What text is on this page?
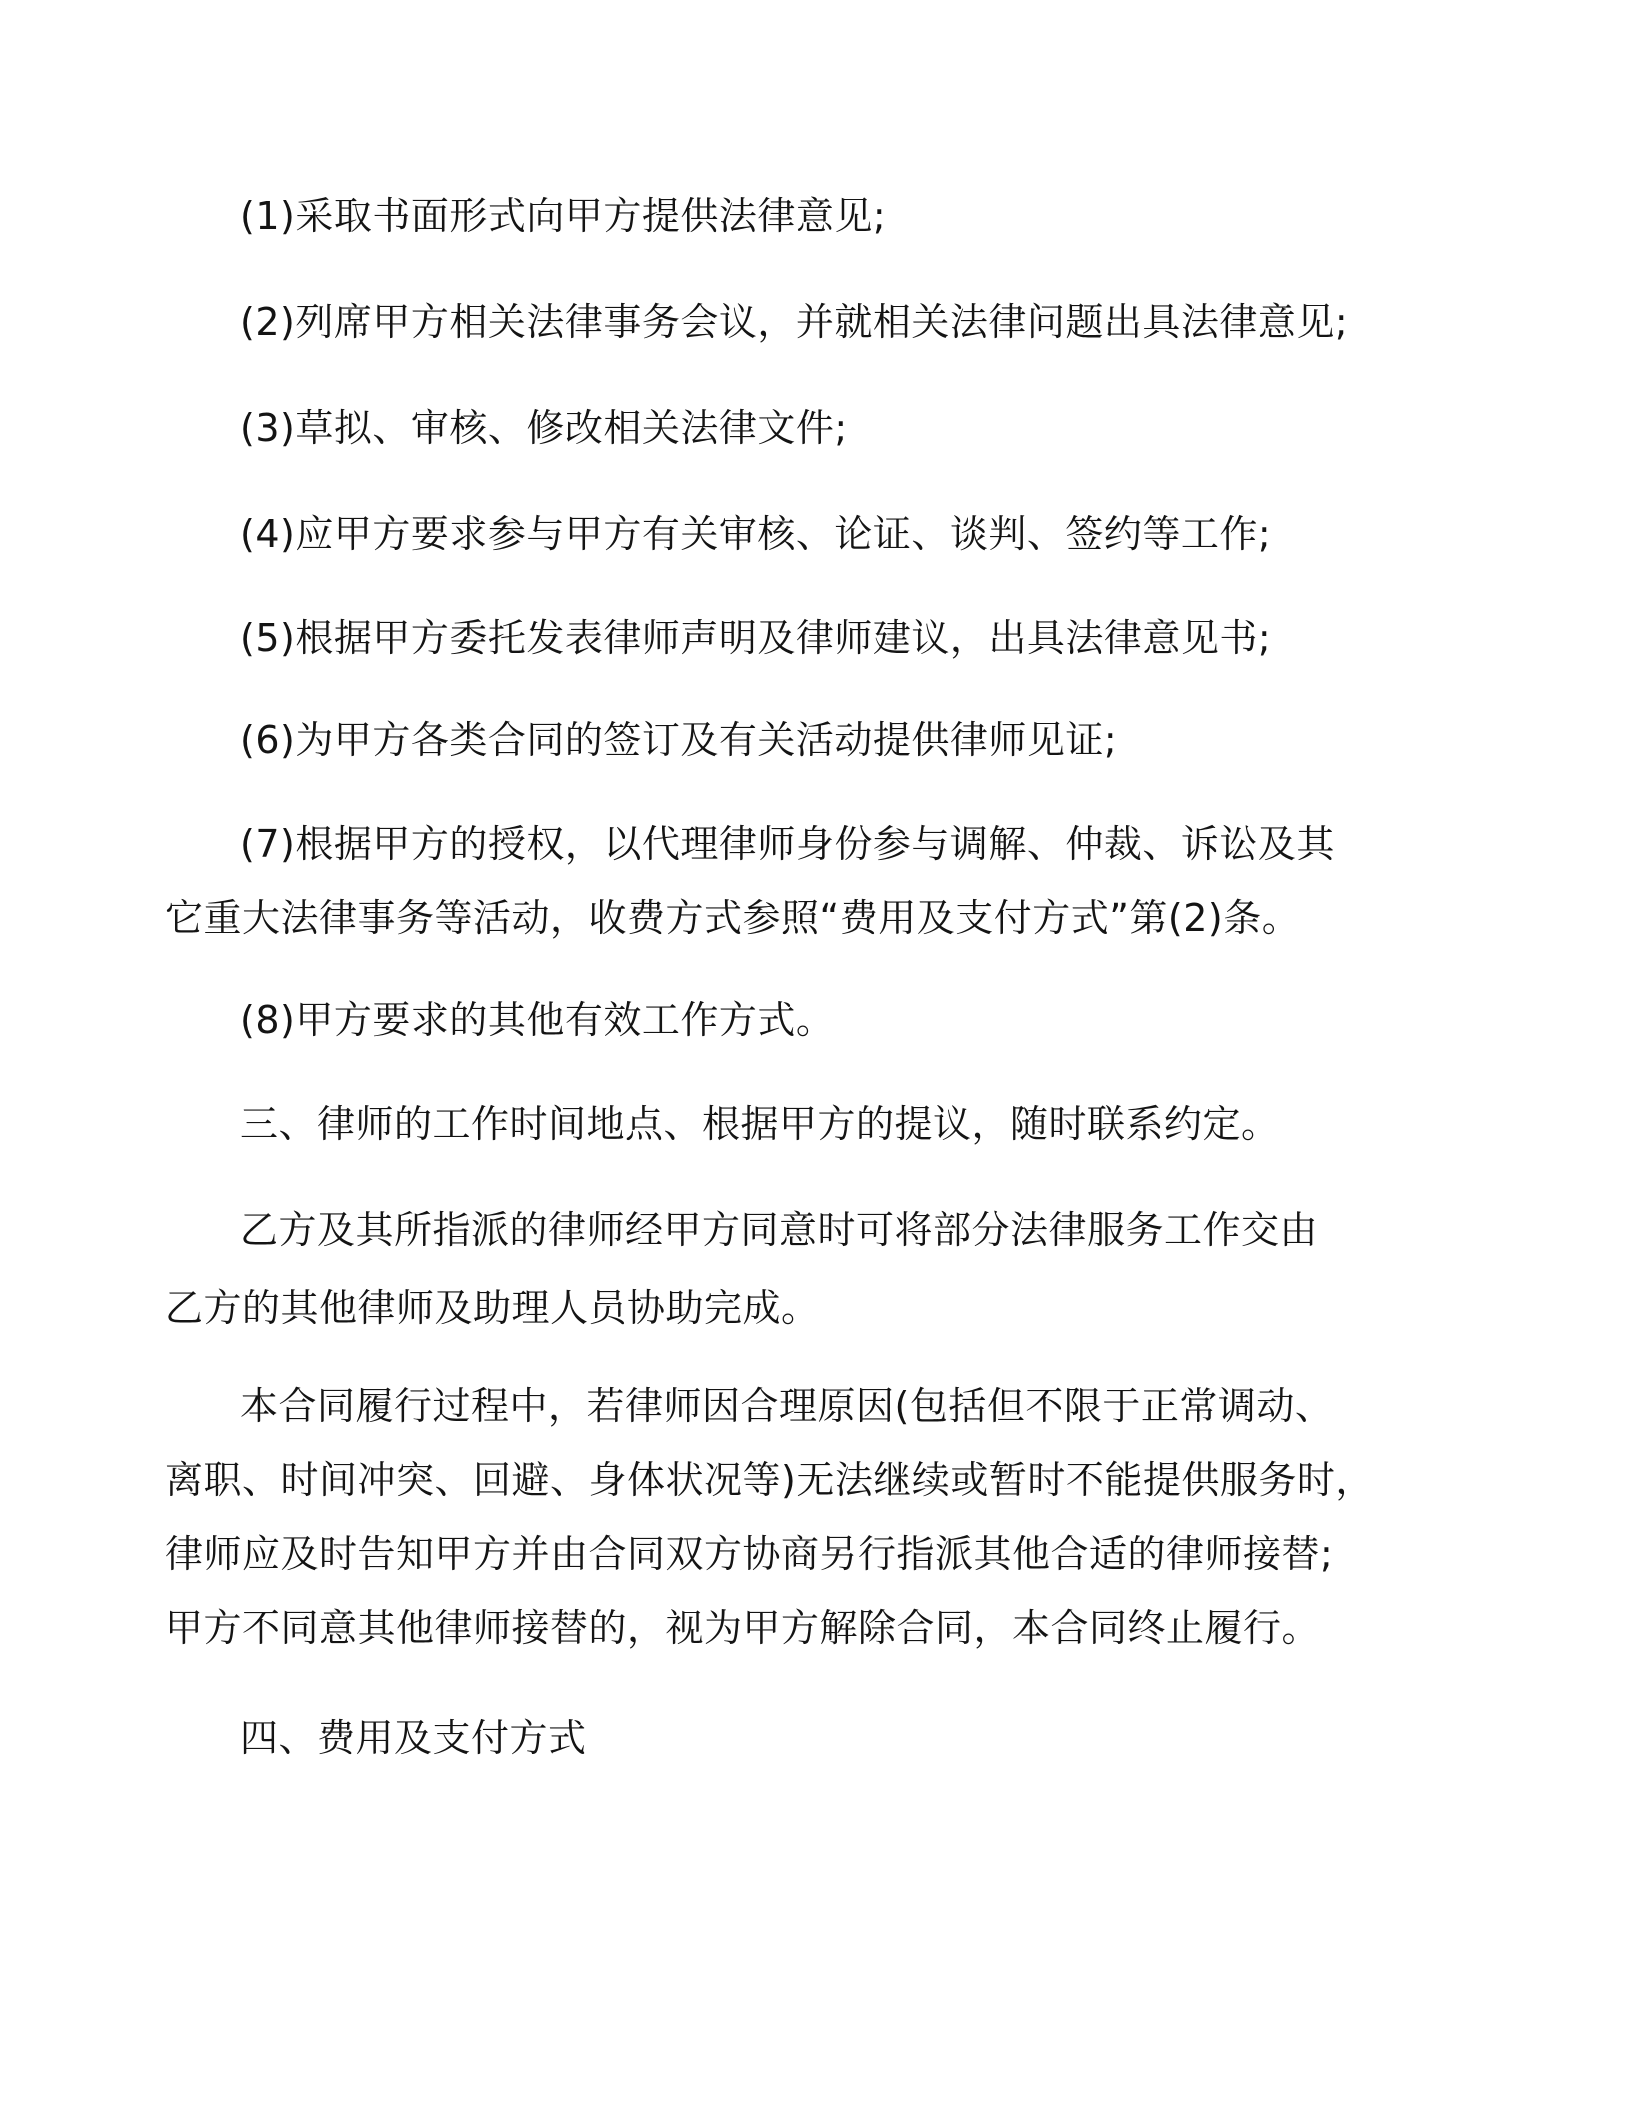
(1)采取书面形式向甲方提供法律意见;

(2)列席甲方相关法律事务会议，并就相关法律问题出具法律意见;

(3)草拟、审核、修改相关法律文件;

(4)应甲方要求参与甲方有关审核、论证、谈判、签约等工作;

(5)根据甲方委托发表律师声明及律师建议，出具法律意见书;

(6)为甲方各类合同的签订及有关活动提供律师见证;

(7)根据甲方的授权，以代理律师身份参与调解、仲裁、诉讼及其
它重大法律事务等活动，收费方式参照“费用及支付方式”第(2)条。

(8)甲方要求的其他有效工作方式。

三、律师的工作时间地点、根据甲方的提议，随时联系约定。

乙方及其所指派的律师经甲方同意时可将部分法律服务工作交由
乙方的其他律师及助理人员协助完成。

本合同履行过程中，若律师因合理原因(包括但不限于正常调动、
离职、时间冲突、回避、身体状况等)无法继续或暂时不能提供服务时，
律师应及时告知甲方并由合同双方协商另行指派其他合适的律师接替;
甲方不同意其他律师接替的，视为甲方解除合同，本合同终止履行。

四、费用及支付方式
